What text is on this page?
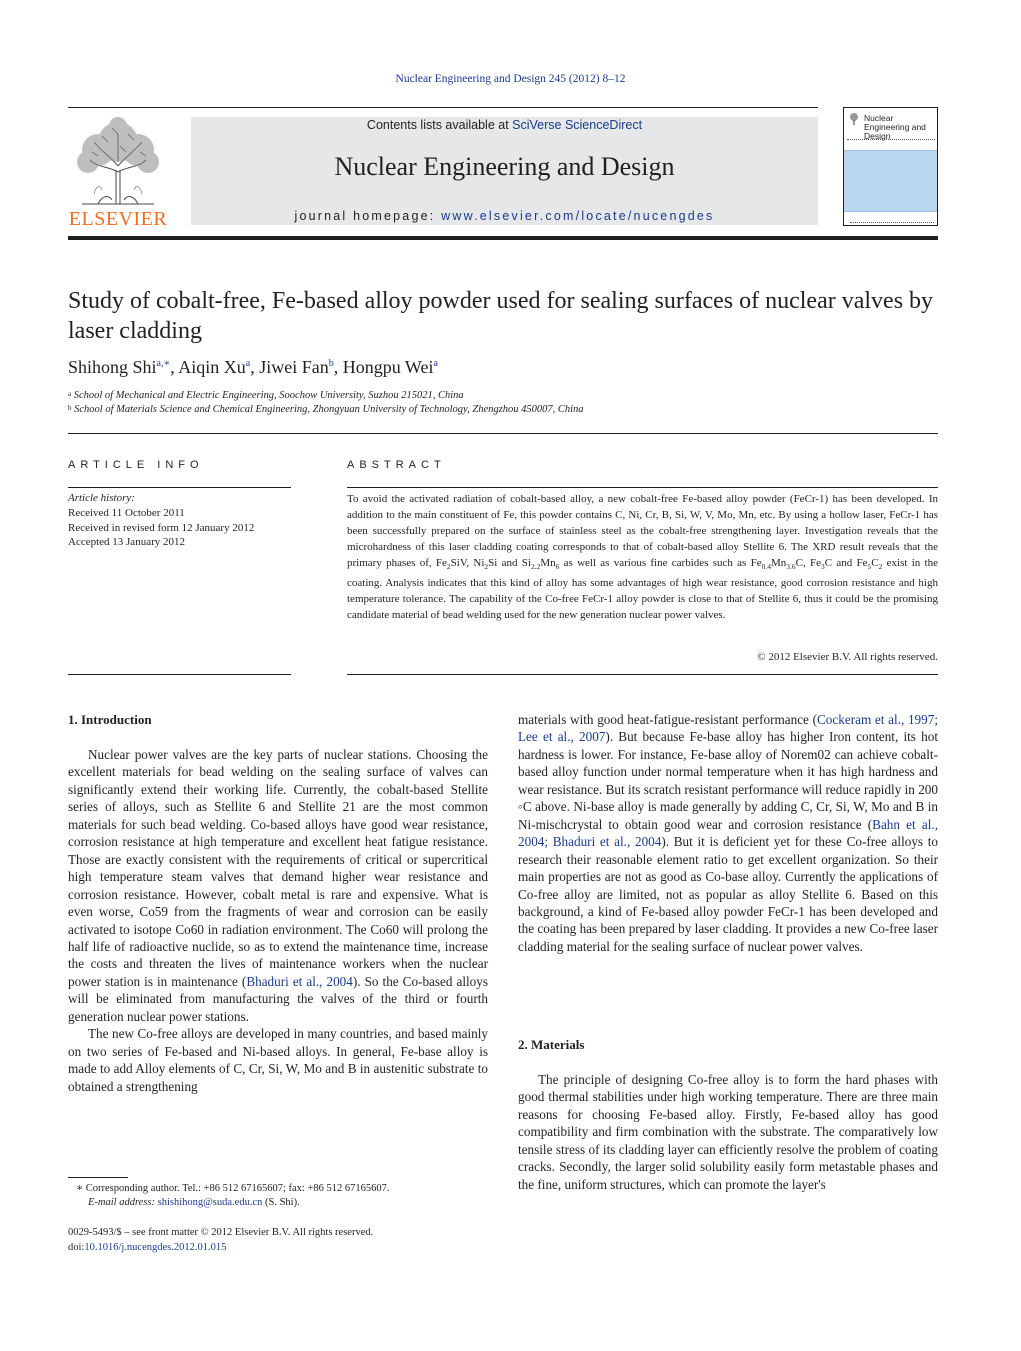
Nuclear Engineering and Design 245 (2012) 8–12
ELSEVIER
Contents lists available at SciVerse ScienceDirect
Nuclear Engineering and Design
journal homepage: www.elsevier.com/locate/nucengdes
Nuclear Engineering and Design
Study of cobalt-free, Fe-based alloy powder used for sealing surfaces of nuclear valves by laser cladding
Shihong Shi$^{a,∗}$, Aiqin Xu$^a$, Jiwei Fan$^b$, Hongpu Wei$^a$
$^a$ School of Mechanical and Electric Engineering, Soochow University, Suzhou 215021, China
$^b$ School of Materials Science and Chemical Engineering, Zhongyuan University of Technology, Zhengzhou 450007, China
ARTICLE INFO
Article history:
Received 11 October 2011
Received in revised form 12 January 2012
Accepted 13 January 2012
ABSTRACT
To avoid the activated radiation of cobalt-based alloy, a new cobalt-free Fe-based alloy powder (FeCr-1) has been developed. In addition to the main constituent of Fe, this powder contains C, Ni, Cr, B, Si, W, V, Mo, Mn, etc. By using a hollow laser, FeCr-1 has been successfully prepared on the surface of stainless steel as the cobalt-free strengthening layer. Investigation reveals that the microhardness of this laser cladding coating corresponds to that of cobalt-based alloy Stellite 6. The XRD result reveals that the primary phases of, $Fe_2SiV$, $Ni_2Si$ and $Si_{2.2}Mn_6$ as well as various fine carbides such as $Fe_{0.4}Mn_{3.6}C$, $Fe_3C$ and $Fe_5C_2$ exist in the coating. Analysis indicates that this kind of alloy has some advantages of high wear resistance, good corrosion resistance and high temperature tolerance. The capability of the Co-free FeCr-1 alloy powder is close to that of Stellite 6, thus it could be the promising candidate material of bead welding used for the new generation nuclear power valves.
© 2012 Elsevier B.V. All rights reserved.
1. Introduction

Nuclear power valves are the key parts of nuclear stations. Choosing the excellent materials for bead welding on the sealing surface of valves can significantly extend their working life. Currently, the cobalt-based Stellite series of alloys, such as Stellite 6 and Stellite 21 are the most common materials for such bead welding. Co-based alloys have good wear resistance, corrosion resistance at high temperature and excellent heat fatigue resistance. Those are exactly consistent with the requirements of critical or supercritical high temperature steam valves that demand higher wear resistance and corrosion resistance. However, cobalt metal is rare and expensive. What is even worse, Co59 from the fragments of wear and corrosion can be easily activated to isotope Co60 in radiation environment. The Co60 will prolong the half life of radioactive nuclide, so as to extend the maintenance time, increase the costs and threaten the lives of maintenance workers when the nuclear power station is in maintenance (Bhaduri et al., 2004). So the Co-based alloys will be eliminated from manufacturing the valves of the third or fourth generation nuclear power stations.

The new Co-free alloys are developed in many countries, and based mainly on two series of Fe-based and Ni-based alloys. In general, Fe-base alloy is made to add Alloy elements of C, Cr, Si, W, Mo and B in austenitic substrate to obtained a strengthening

materials with good heat-fatigue-resistant performance (Cockeram et al., 1997; Lee et al., 2007). But because Fe-base alloy has higher Iron content, its hot hardness is lower. For instance, Fe-base alloy of Norem02 can achieve cobalt-based alloy function under normal temperature when it has high hardness and wear resistance. But its scratch resistant performance will reduce rapidly in 200 ◦C above. Ni-base alloy is made generally by adding C, Cr, Si, W, Mo and B in Ni-mischcrystal to obtain good wear and corrosion resistance (Bahn et al., 2004; Bhaduri et al., 2004). But it is deficient yet for these Co-free alloys to research their reasonable element ratio to get excellent organization. So their main properties are not as good as Co-base alloy. Currently the applications of Co-free alloy are limited, not as popular as alloy Stellite 6. Based on this background, a kind of Fe-based alloy powder FeCr-1 has been developed and the coating has been prepared by laser cladding. It provides a new Co-free laser cladding material for the sealing surface of nuclear power valves.

2. Materials

The principle of designing Co-free alloy is to form the hard phases with good thermal stabilities under high working temperature. There are three main reasons for choosing Fe-based alloy. Firstly, Fe-based alloy has good compatibility and firm combination with the substrate. The comparatively low tensile stress of its cladding layer can efficiently resolve the problem of coating cracks. Secondly, the larger solid solubility easily form metastable phases and the fine, uniform structures, which can promote the layer's

∗ Corresponding author. Tel.: +86 512 67165607; fax: +86 512 67165607.
E-mail address: shishihong@suda.edu.cn (S. Shi).
0029-5493/$ – see front matter © 2012 Elsevier B.V. All rights reserved.
doi:10.1016/j.nucengdes.2012.01.015
